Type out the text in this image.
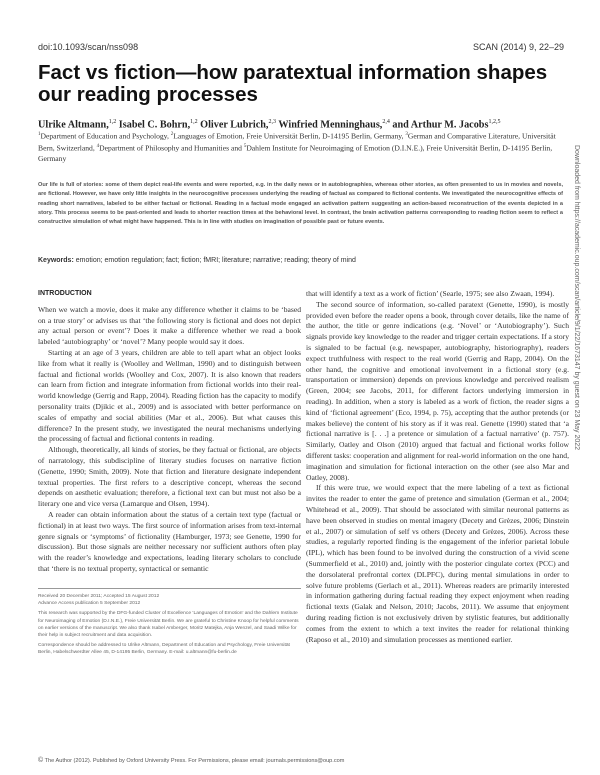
doi:10.1093/scan/nss098	SCAN (2014) 9, 22–29
Fact vs fiction—how paratextual information shapes our reading processes
Ulrike Altmann,$^{1,2}$ Isabel C. Bohrn,$^{1,2}$ Oliver Lubrich,$^{2,3}$ Winfried Menninghaus,$^{2,4}$ and Arthur M. Jacobs$^{1,2,5}$
$^1$Department of Education and Psychology, $^2$Languages of Emotion, Freie Universität Berlin, D-14195 Berlin, Germany, $^3$German and Comparative Literature, Universität Bern, Switzerland, $^4$Department of Philosophy and Humanities and $^5$Dahlem Institute for Neuroimaging of Emotion (D.I.N.E.), Freie Universität Berlin, D-14195 Berlin, Germany

Our life is full of stories: some of them depict real-life events and were reported, e.g. in the daily news or in autobiographies, whereas other stories, as often presented to us in movies and novels, are fictional. However, we have only little insights in the neurocognitive processes underlying the reading of factual as compared to fictional contents. We investigated the neurocognitive effects of reading short narratives, labeled to be either factual or fictional. Reading in a factual mode engaged an activation pattern suggesting an action-based reconstruction of the events depicted in a story. This process seems to be past-oriented and leads to shorter reaction times at the behavioral level. In contrast, the brain activation patterns corresponding to reading fiction seem to reflect a constructive simulation of what might have happened. This is in line with studies on imagination of possible past or future events.

Keywords: emotion; emotion regulation; fact; fiction; fMRI; literature; narrative; reading; theory of mind	Downloaded from https://academic.oup.com/scan/article/9/1/22/1673147 by guest on 23 May 2022
INTRODUCTION

When we watch a movie, does it make any difference whether it claims to be ‘based on a true story’ or advises us that ‘the following story is fictional and does not depict any actual person or event’? Does it make a difference whether we read a book labeled ‘autobiography’ or ‘novel’? Many people would say it does.

Starting at an age of 3 years, children are able to tell apart what an object looks like from what it really is (Woolley and Wellman, 1990) and to distinguish between factual and fictional worlds (Woolley and Cox, 2007). It is also known that readers can learn from fiction and integrate information from fictional worlds into their real-world knowledge (Gerrig and Rapp, 2004). Reading fiction has the capacity to modify personality traits (Djikic et al., 2009) and is associated with better performance on scales of empathy and social abilities (Mar et al., 2006). But what causes this difference? In the present study, we investigated the neural mechanisms underlying the processing of factual and fictional contents in reading.

Although, theoretically, all kinds of stories, be they factual or fictional, are objects of narratology, this subdiscipline of literary studies focuses on narrative fiction (Genette, 1990; Smith, 2009). Note that fiction and literature designate independent textual properties. The first refers to a descriptive concept, whereas the second depends on aesthetic evaluation; therefore, a fictional text can but must not also be a literary one and vice versa (Lamarque and Olsen, 1994).

A reader can obtain information about the status of a certain text type (factual or fictional) in at least two ways. The first source of information arises from text-internal genre signals or ‘symptoms’ of fictionality (Hamburger, 1973; see Genette, 1990 for discussion). But those signals are neither necessary nor sufficient authors often play with the reader’s knowledge and expectations, leading literary scholars to conclude that ‘there is no textual property, syntactical or semantic

that will identify a text as a work of fiction’ (Searle, 1975; see also Zwaan, 1994).

The second source of information, so-called paratext (Genette, 1990), is mostly provided even before the reader opens a book, through cover details, like the name of the author, the title or genre indications (e.g. ‘Novel’ or ‘Autobiography’). Such signals provide key knowledge to the reader and trigger certain expectations. If a story is signaled to be factual (e.g. newspaper, autobiography, historiography), readers expect truthfulness with respect to the real world (Gerrig and Rapp, 2004). On the other hand, the cognitive and emotional involvement in a fictional story (e.g. transportation or immersion) depends on previous knowledge and perceived realism (Green, 2004; see Jacobs, 2011, for different factors underlying immersion in reading). In addition, when a story is labeled as a work of fiction, the reader signs a kind of ‘fictional agreement’ (Eco, 1994, p. 75), accepting that the author pretends (or makes believe) the content of his story as if it was real. Genette (1990) stated that ‘a fictional narrative is [. . .] a pretence or simulation of a factual narrative’ (p. 757). Similarly, Oatley and Olson (2010) argued that factual and fictional works follow different tasks: cooperation and alignment for real-world information on the one hand, imagination and simulation for fictional interaction on the other (see also Mar and Oatley, 2008).

If this were true, we would expect that the mere labeling of a text as fictional invites the reader to enter the game of pretence and simulation (German et al., 2004; Whitehead et al., 2009). That should be associated with similar neuronal patterns as have been observed in studies on mental imagery (Decety and Grèzes, 2006; Dinstein et al., 2007) or simulation of self vs others (Decety and Grèzes, 2006). Across these studies, a regularly reported finding is the engagement of the inferior parietal lobule (IPL), which has been found to be involved during the construction of a vivid scene (Summerfield et al., 2010) and, jointly with the posterior cingulate cortex (PCC) and the dorsolateral prefrontal cortex (DLPFC), during mental simulations in order to solve future problems (Gerlach et al., 2011). Whereas readers are primarily interested in information gathering during factual reading they expect enjoyment when reading fictional texts (Galak and Nelson, 2010; Jacobs, 2011). We assume that enjoyment during reading fiction is not exclusively driven by stylistic features, but additionally comes from the extent to which a text invites the reader for relational thinking (Raposo et al., 2010) and simulation processes as mentioned earlier.

Received 20 December 2011; Accepted 15 August 2012

Advance Access publication 5 September 2012

This research was supported by the DFG-funded Cluster of Excellence ‘Languages of Emotion’ and the Dahlem Institute for Neuroimaging of Emotion (D.I.N.E.), Freie Universität Berlin. We are grateful to Christine Knoop for helpful comments on earlier versions of the manuscript. We also thank Isabel Amberger, Moritz Matejka, Anja Wenzel, and Saadi Wilke for their help in subject recruitment and data acquisition.

Correspondence should be addressed to Ulrike Altmann, Department of Education and Psychology, Freie Universität Berlin, Habelschwerdter Allee 45, D-14195 Berlin, Germany. E-mail: u.altmann@fu-berlin.de

© The Author (2012). Published by Oxford University Press. For Permissions, please email: journals.permissions@oup.com
